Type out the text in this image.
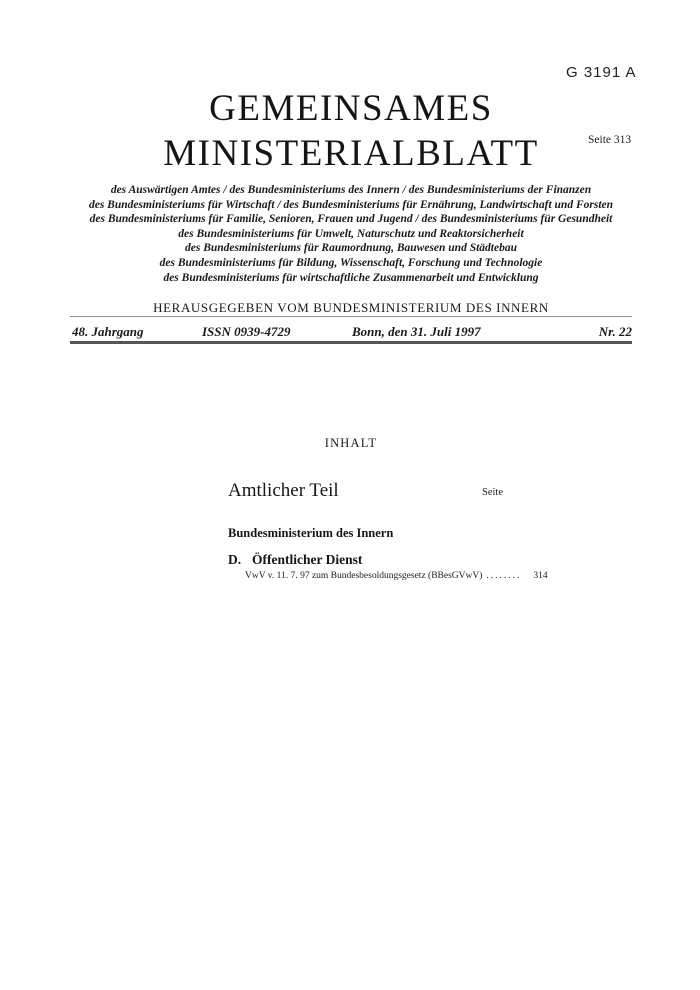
G 3191 A
GEMEINSAMES
MINISTERIALBLATT	Seite 313
des Auswärtigen Amtes / des Bundesministeriums des Innern / des Bundesministeriums der Finanzen
des Bundesministeriums für Wirtschaft / des Bundesministeriums für Ernährung, Landwirtschaft und Forsten
des Bundesministeriums für Familie, Senioren, Frauen und Jugend / des Bundesministeriums für Gesundheit
des Bundesministeriums für Umwelt, Naturschutz und Reaktorsicherheit
des Bundesministeriums für Raumordnung, Bauwesen und Städtebau
des Bundesministeriums für Bildung, Wissenschaft, Forschung und Technologie
des Bundesministeriums für wirtschaftliche Zusammenarbeit und Entwicklung
HERAUSGEGEBEN VOM BUNDESMINISTERIUM DES INNERN
48. Jahrgang	ISSN 0939-4729	Bonn, den 31. Juli 1997	Nr. 22
INHALT
Amtlicher Teil	Seite
Bundesministerium des Innern
D. Öffentlicher Dienst
VwV v. 11. 7. 97 zum Bundesbesoldungsgesetz (BBesGVwV) ........ 314
